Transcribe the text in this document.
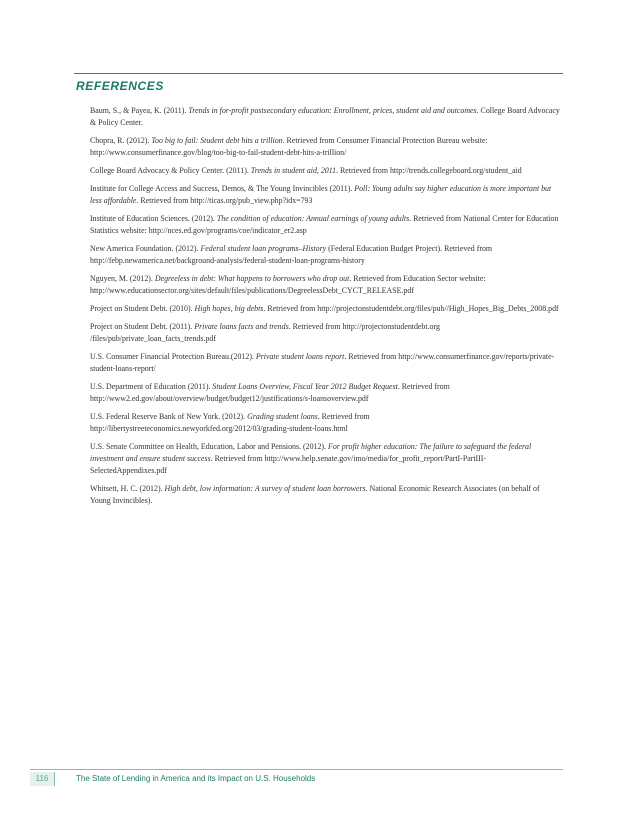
REFERENCES
Baum, S., & Payea, K. (2011). Trends in for-profit postsecondary education: Enrollment, prices, student aid and outcomes. College Board Advocacy & Policy Center.
Chopra, R. (2012). Too big to fail: Student debt hits a trillion. Retrieved from Consumer Financial Protection Bureau website: http://www.consumerfinance.gov/blog/too-big-to-fail-student-debt-hits-a-trillion/
College Board Advocacy & Policy Center. (2011). Trends in student aid, 2011. Retrieved from http://trends.collegeboard.org/student_aid
Institute for College Access and Success, Demos, & The Young Invincibles (2011). Poll: Young adults say higher education is more important but less affordable. Retrieved from http://ticas.org/pub_view.php?idx=793
Institute of Education Sciences. (2012). The condition of education: Annual earnings of young adults. Retrieved from National Center for Education Statistics website: http://nces.ed.gov/programs/coe/indicator_er2.asp
New America Foundation. (2012). Federal student loan programs–History (Federal Education Budget Project). Retrieved from http://febp.newamerica.net/background-analysis/federal-student-loan-programs-history
Nguyen, M. (2012). Degreeless in debt: What happens to borrowers who drop out. Retrieved from Education Sector website: http://www.educationsector.org/sites/default/files/publications/DegreelessDebt_CYCT_RELEASE.pdf
Project on Student Debt. (2010). High hopes, big debts. Retrieved from http://projectonstudentdebt.org/files/pub//High_Hopes_Big_Debts_2008.pdf
Project on Student Debt. (2011). Private loans facts and trends. Retrieved from http://projectonstudentdebt.org /files/pub/private_loan_facts_trends.pdf
U.S. Consumer Financial Protection Bureau.(2012). Private student loans report. Retrieved from http://www.consumerfinance.gov/reports/private-student-loans-report/
U.S. Department of Education (2011). Student Loans Overview, Fiscal Year 2012 Budget Request. Retrieved from http://www2.ed.gov/about/overview/budget/budget12/justifications/s-loansoverview.pdf
U.S. Federal Reserve Bank of New York. (2012). Grading student loans. Retrieved from http://libertystreeteconomics.newyorkfed.org/2012/03/grading-student-loans.html
U.S. Senate Committee on Health, Education, Labor and Pensions. (2012). For profit higher education: The failure to safeguard the federal investment and ensure student success. Retrieved from http://www.help.senate.gov/imo/media/for_profit_report/PartI-PartIII-SelectedAppendixes.pdf
Whitsett, H. C. (2012). High debt, low information: A survey of student loan borrowers. National Economic Research Associates (on behalf of Young Invincibles).
116	The State of Lending in America and its Impact on U.S. Households
